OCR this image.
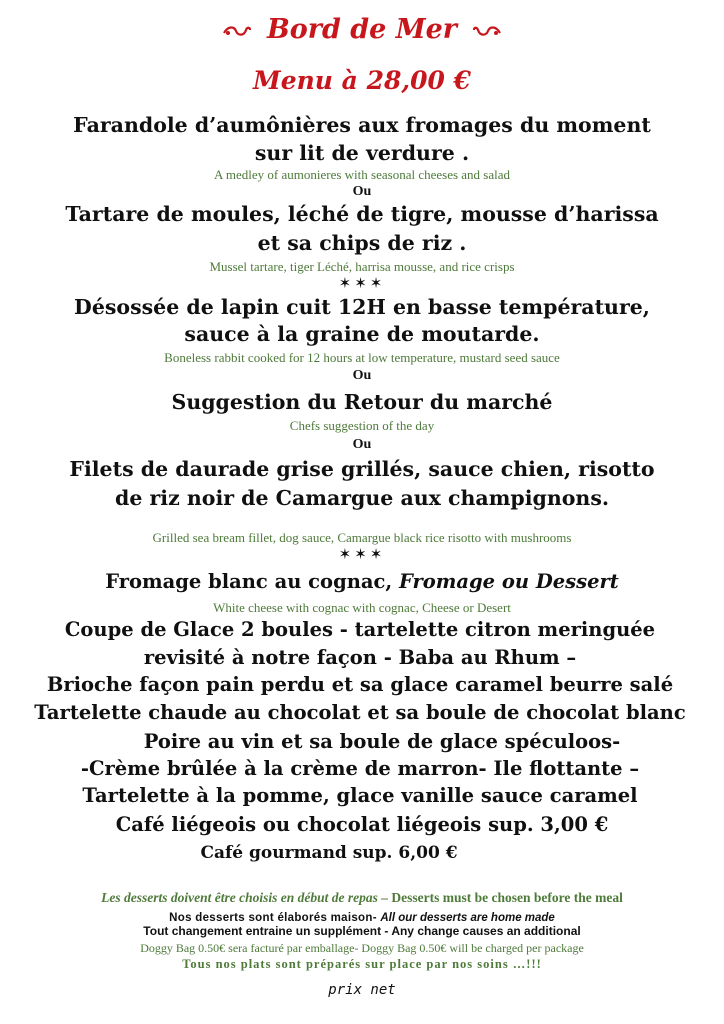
Bord de Mer
Menu à 28,00 €
Farandole d’aumônières aux fromages du moment
sur lit de verdure .
A medley of aumonieres with seasonal cheeses and salad
Ou
Tartare de moules, léché de tigre, mousse d’harissa
et sa chips de riz .
Mussel tartare, tiger Léché, harrisa mousse, and rice crisps
✶✶✶
Désossée de lapin cuit 12H en basse température,
sauce à la graine de moutarde.
Boneless rabbit cooked for 12 hours at low temperature, mustard seed sauce
Ou
Suggestion du Retour du marché
Chefs suggestion of the day
Ou
Filets de daurade grise grillés, sauce chien, risotto
de riz noir de Camargue aux champignons.
Grilled sea bream fillet, dog sauce, Camargue black rice risotto with mushrooms
✶✶✶
Fromage blanc au cognac, Fromage ou Dessert
White cheese with cognac with cognac, Cheese or Desert
Coupe de Glace 2 boules - tartelette citron meringuée
revisité à notre façon - Baba au Rhum –
Brioche façon pain perdu et sa glace caramel beurre salé
Tartelette chaude au chocolat et sa boule de chocolat blanc
Poire au vin et sa boule de glace spéculoos-
-Crème brûlée à la crème de marron- Ile flottante –
Tartelette à la pomme, glace vanille sauce caramel
Café liégeois ou chocolat liégeois sup. 3,00 €
Café gourmand sup. 6,00 €
Les desserts doivent être choisis en début de repas – Desserts must be chosen before the meal
Nos desserts sont élaborés maison- All our desserts are home made
Tout changement entraine un supplément - Any change causes an additional
Doggy Bag 0.50€ sera facturé par emballage- Doggy Bag 0.50€ will be charged per package
Tous nos plats sont préparés sur place par nos soins …!!!
prix net
